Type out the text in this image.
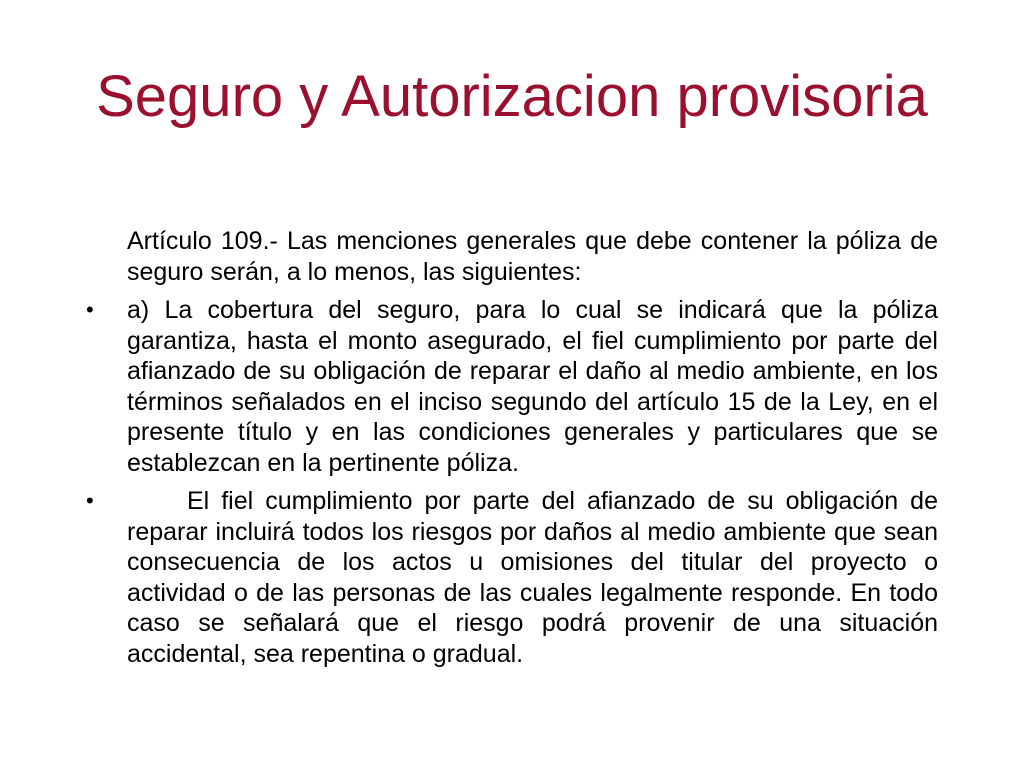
Seguro y Autorizacion provisoria

Artículo 109.- Las menciones generales que debe contener la póliza de seguro serán, a lo menos, las siguientes:

• a) La cobertura del seguro, para lo cual se indicará que la póliza garantiza, hasta el monto asegurado, el fiel cumplimiento por parte del afianzado de su obligación de reparar el daño al medio ambiente, en los términos señalados en el inciso segundo del artículo 15 de la Ley, en el presente título y en las condiciones generales y particulares que se establezcan en la pertinente póliza.

•	El fiel cumplimiento por parte del afianzado de su obligación de reparar incluirá todos los riesgos por daños al medio ambiente que sean consecuencia de los actos u omisiones del titular del proyecto o actividad o de las personas de las cuales legalmente responde. En todo caso se señalará que el riesgo podrá provenir de una situación accidental, sea repentina o gradual.
